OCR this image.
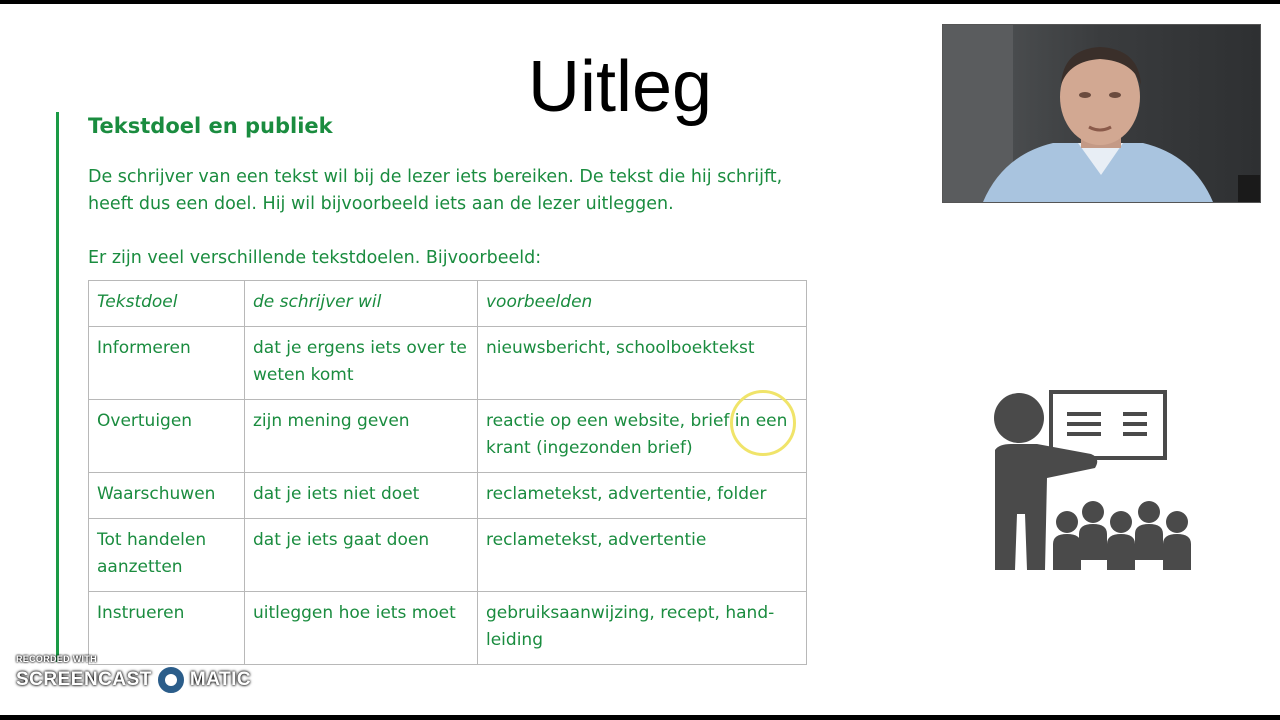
Uitleg
Tekstdoel en publiek
De schrijver van een tekst wil bij de lezer iets bereiken. De tekst die hij schrijft, heeft dus een doel. Hij wil bijvoorbeeld iets aan de lezer uitleggen.
Er zijn veel verschillende tekstdoelen. Bijvoorbeeld:
Tekstdoel	de schrijver wil	voorbeelden
Informeren	dat je ergens iets over te weten komt	nieuwsbericht, schoolboektekst
Overtuigen	zijn mening geven	reactie op een website, brief in een krant (ingezonden brief)
Waarschuwen	dat je iets niet doet	reclametekst, advertentie, folder
Tot handelen aanzetten	dat je iets gaat doen	reclametekst, advertentie
Instrueren	uitleggen hoe iets moet	gebruiksaanwijzing, recept, hand-leiding
RECORDED WITH
SCREENCAST MATIC
